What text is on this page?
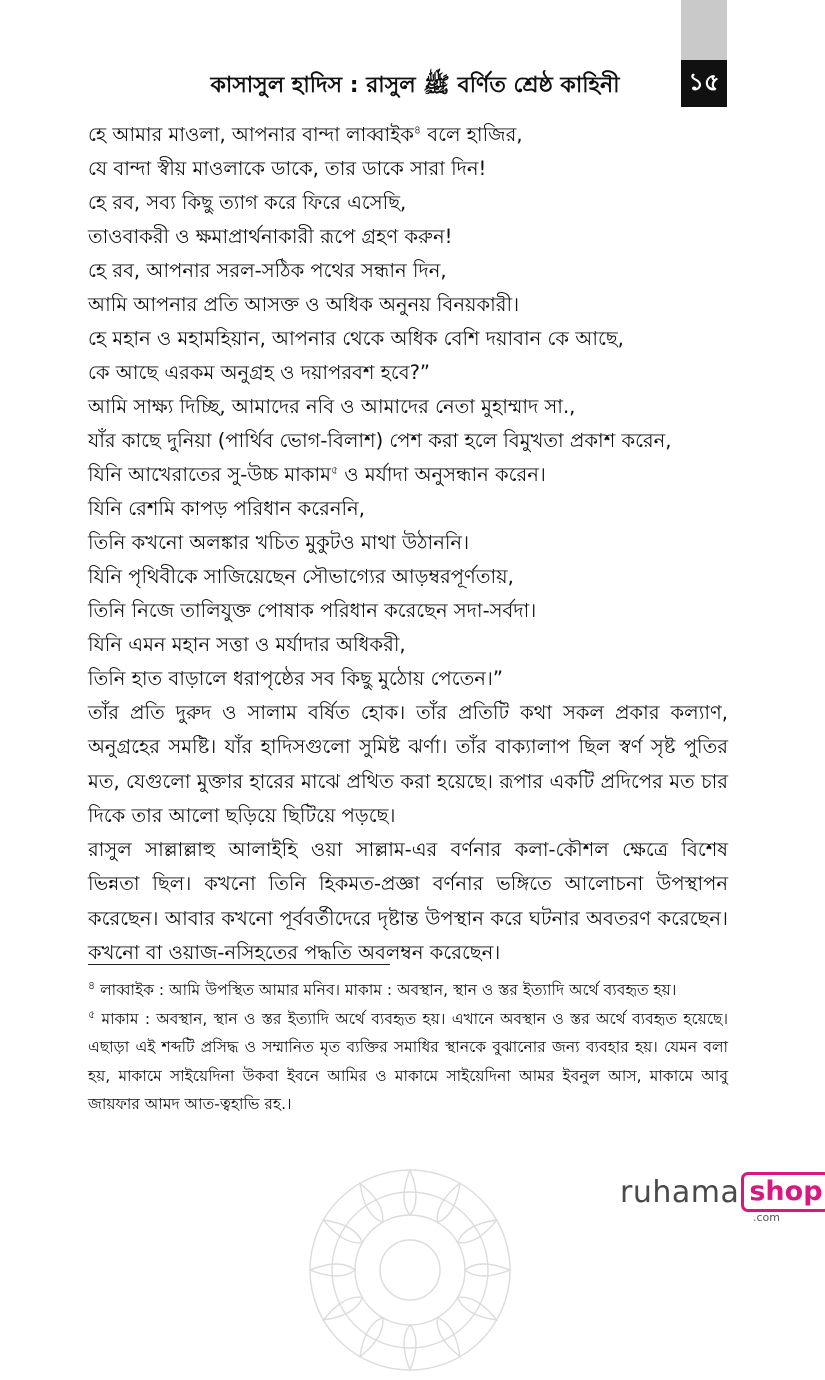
১৫
কাসাসুল হাদিস : রাসুল ﷺ বর্ণিত শ্রেষ্ঠ কাহিনী

হে আমার মাওলা, আপনার বান্দা লাব্বাইক$^৪$ বলে হাজির,

যে বান্দা স্বীয় মাওলাকে ডাকে, তার ডাকে সারা দিন!

হে রব, সব্য কিছু ত্যাগ করে ফিরে এসেছি,

তাওবাকরী ও ক্ষমাপ্রার্থনাকারী রূপে গ্রহণ করুন!

হে রব, আপনার সরল-সঠিক পথের সন্ধান দিন,

আমি আপনার প্রতি আসক্ত ও অধিক অনুনয় বিনয়কারী।

হে মহান ও মহামহিয়ান, আপনার থেকে অধিক বেশি দয়াবান কে আছে,

কে আছে এরকম অনুগ্রহ ও দয়াপরবশ হবে?”

আমি সাক্ষ্য দিচ্ছি, আমাদের নবি ও আমাদের নেতা মুহাম্মাদ সা.,

যাঁর কাছে দুনিয়া (পার্থিব ভোগ-বিলাশ) পেশ করা হলে বিমুখতা প্রকাশ করেন,

যিনি আখেরাতের সু-উচ্চ মাকাম$^৫$ ও মর্যাদা অনুসন্ধান করেন।

যিনি রেশমি কাপড় পরিধান করেননি,

তিনি কখনো অলঙ্কার খচিত মুকুটও মাথা উঠাননি।

যিনি পৃথিবীকে সাজিয়েছেন সৌভাগ্যের আড়ম্বরপূর্ণতায়,

তিনি নিজে তালিযুক্ত পোষাক পরিধান করেছেন সদা-সর্বদা।

যিনি এমন মহান সত্তা ও মর্যাদার অধিকরী,

তিনি হাত বাড়ালে ধরাপৃষ্ঠের সব কিছু মুঠোয় পেতেন।”

তাঁর প্রতি দুরুদ ও সালাম বর্ষিত হোক। তাঁর প্রতিটি কথা সকল প্রকার কল্যাণ, অনুগ্রহের সমষ্টি। যাঁর হাদিসগুলো সুমিষ্ট ঝর্ণা। তাঁর বাক্যালাপ ছিল স্বর্ণ সৃষ্ট পুতির মত, যেগুলো মুক্তার হারের মাঝে প্রথিত করা হয়েছে। রূপার একটি প্রদিপের মত চার দিকে তার আলো ছড়িয়ে ছিটিয়ে পড়ছে।

রাসুল সাল্লাল্লাহু আলাইহি ওয়া সাল্লাম-এর বর্ণনার কলা-কৌশল ক্ষেত্রে বিশেষ ভিন্নতা ছিল। কখনো তিনি হিকমত-প্রজ্ঞা বর্ণনার ভঙ্গিতে আলোচনা উপস্থাপন করেছেন। আবার কখনো পূর্ববর্তীদেরে দৃষ্টান্ত উপস্থান করে ঘটনার অবতরণ করেছেন। কখনো বা ওয়াজ-নসিহতের পদ্ধতি অবলম্বন করেছেন।

$^৪$ লাব্বাইক : আমি উপস্থিত আমার মনিব। মাকাম : অবস্থান, স্থান ও স্তর ইত্যাদি অর্থে ব্যবহৃত হয়।

$^৫$ মাকাম : অবস্থান, স্থান ও স্তর ইত্যাদি অর্থে ব্যবহৃত হয়। এখানে অবস্থান ও স্তর অর্থে ব্যবহৃত হয়েছে। এছাড়া এই শব্দটি প্রসিদ্ধ ও সম্মানিত মৃত ব্যক্তির সমাধির স্থানকে বুঝানোর জন্য ব্যবহার হয়। যেমন বলা হয়, মাকামে সাইয়েদিনা উকবা ইবনে আমির ও মাকামে সাইয়েদিনা আমর ইবনুল আস, মাকামে আবু জায়ফার আমদ আত-ত্বহাভি রহ.।

ruhama shop
.com
